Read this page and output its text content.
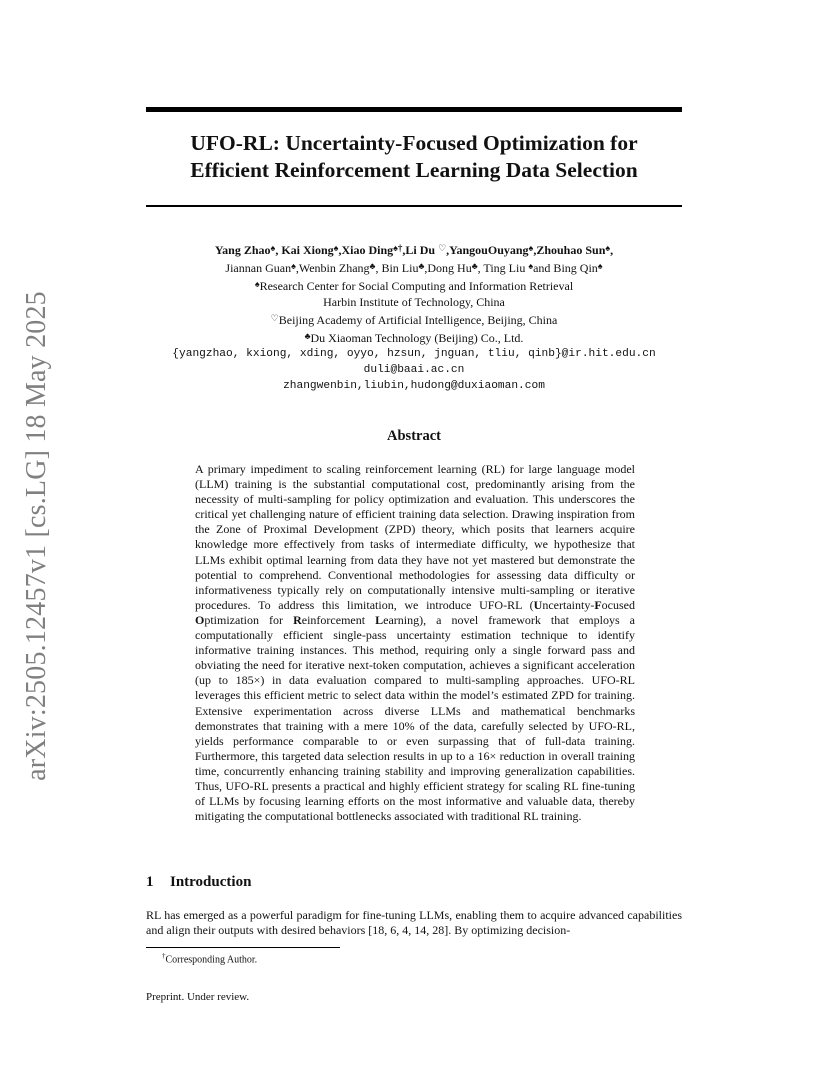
arXiv:2505.12457v1 [cs.LG] 18 May 2025
UFO-RL: Uncertainty-Focused Optimization for
Efficient Reinforcement Learning Data Selection
Yang Zhao♠, Kai Xiong♠,Xiao Ding♠†,Li Du ♡,YangouOuyang♠,Zhouhao Sun♠,
Jiannan Guan♠,Wenbin Zhang♣, Bin Liu♣,Dong Hu♣, Ting Liu ♠and Bing Qin♠
♠Research Center for Social Computing and Information Retrieval
Harbin Institute of Technology, China
♡Beijing Academy of Artificial Intelligence, Beijing, China
♣Du Xiaoman Technology (Beijing) Co., Ltd.
{yangzhao, kxiong, xding, oyyo, hzsun, jnguan, tliu, qinb}@ir.hit.edu.cn
duli@baai.ac.cn
zhangwenbin,liubin,hudong@duxiaoman.com
Abstract

A primary impediment to scaling reinforcement learning (RL) for large language model (LLM) training is the substantial computational cost, predominantly arising from the necessity of multi-sampling for policy optimization and evaluation. This underscores the critical yet challenging nature of efficient training data selection. Drawing inspiration from the Zone of Proximal Development (ZPD) theory, which posits that learners acquire knowledge more effectively from tasks of intermediate difficulty, we hypothesize that LLMs exhibit optimal learning from data they have not yet mastered but demonstrate the potential to comprehend. Conventional methodologies for assessing data difficulty or informativeness typically rely on computationally intensive multi-sampling or iterative procedures. To address this limitation, we introduce UFO-RL (Uncertainty-Focused Optimization for Reinforcement Learning), a novel framework that employs a computationally efficient single-pass uncertainty estimation technique to identify informative training instances. This method, requiring only a single forward pass and obviating the need for iterative next-token computation, achieves a significant acceleration (up to 185×) in data evaluation compared to multi-sampling approaches. UFO-RL leverages this efficient metric to select data within the model’s estimated ZPD for training. Extensive experimentation across diverse LLMs and mathematical benchmarks demonstrates that training with a mere 10% of the data, carefully selected by UFO-RL, yields performance comparable to or even surpassing that of full-data training. Furthermore, this targeted data selection results in up to a 16× reduction in overall training time, concurrently enhancing training stability and improving generalization capabilities. Thus, UFO-RL presents a practical and highly efficient strategy for scaling RL fine-tuning of LLMs by focusing learning efforts on the most informative and valuable data, thereby mitigating the computational bottlenecks associated with traditional RL training.

1 Introduction

RL has emerged as a powerful paradigm for fine-tuning LLMs, enabling them to acquire advanced capabilities and align their outputs with desired behaviors [18, 6, 4, 14, 28]. By optimizing decision-

†Corresponding Author.

Preprint. Under review.
